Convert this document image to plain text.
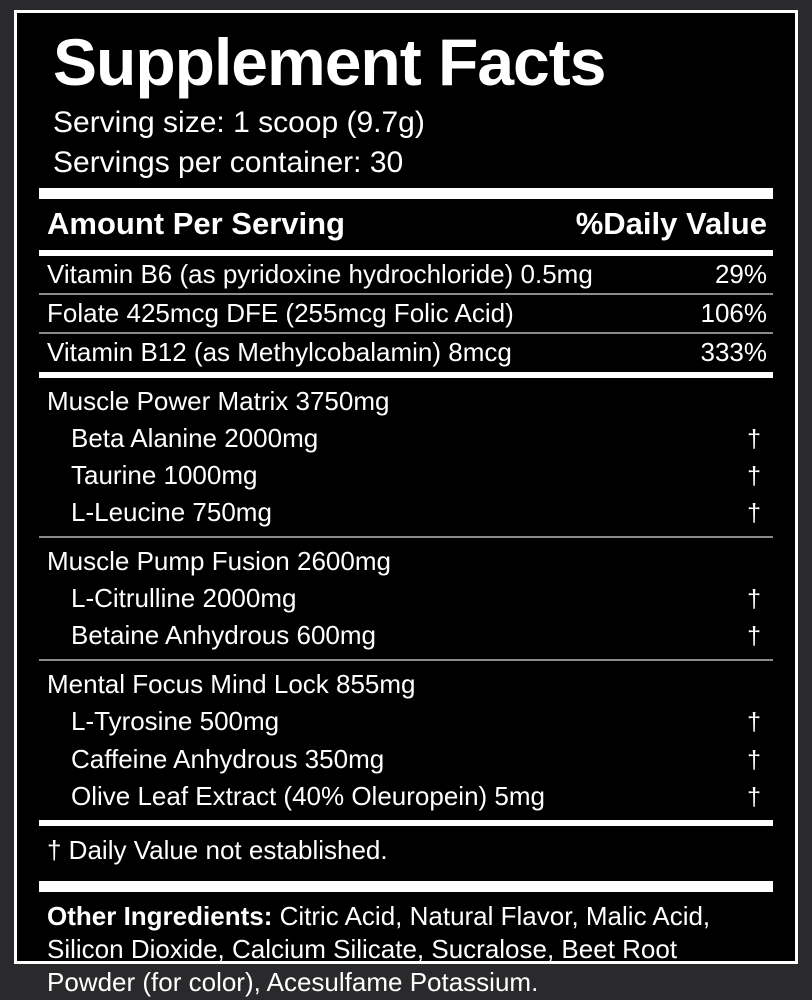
Supplement Facts
Serving size: 1 scoop (9.7g)
Servings per container: 30
Amount Per Serving	%Daily Value
Vitamin B6 (as pyridoxine hydrochloride) 0.5mg	29%
Folate 425mcg DFE (255mcg Folic Acid)	106%
Vitamin B12 (as Methylcobalamin) 8mcg	333%
Muscle Power Matrix 3750mg
Beta Alanine 2000mg	†
Taurine 1000mg	†
L-Leucine 750mg	†
Muscle Pump Fusion 2600mg
L-Citrulline 2000mg	†
Betaine Anhydrous 600mg	†
Mental Focus Mind Lock 855mg
L-Tyrosine 500mg	†
Caffeine Anhydrous 350mg	†
Olive Leaf Extract (40% Oleuropein) 5mg	†
† Daily Value not established.
Other Ingredients: Citric Acid, Natural Flavor, Malic Acid, Silicon Dioxide, Calcium Silicate, Sucralose, Beet Root Powder (for color), Acesulfame Potassium.
